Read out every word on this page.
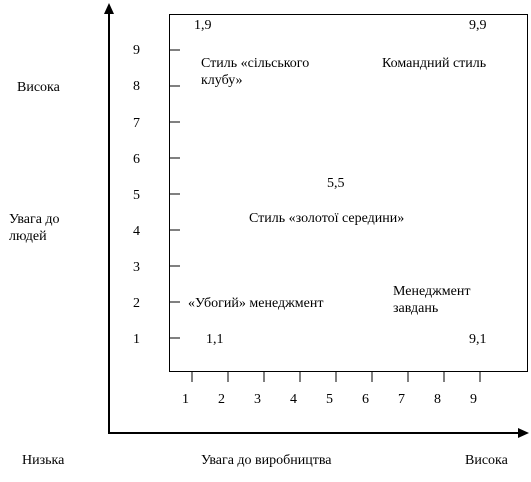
Висока
Увага до людей
9
8
7
6
5
4
3
2
1
1 2 3 4 5 6 7 8 9
Низька	Увага до виробництва	Висока
1,9
Стиль «сільського клубу»
9,9
Командний стиль
5,5
Стиль «золотої середини»
«Убогий» менеджмент
1,1
Менеджмент завдань
9,1
